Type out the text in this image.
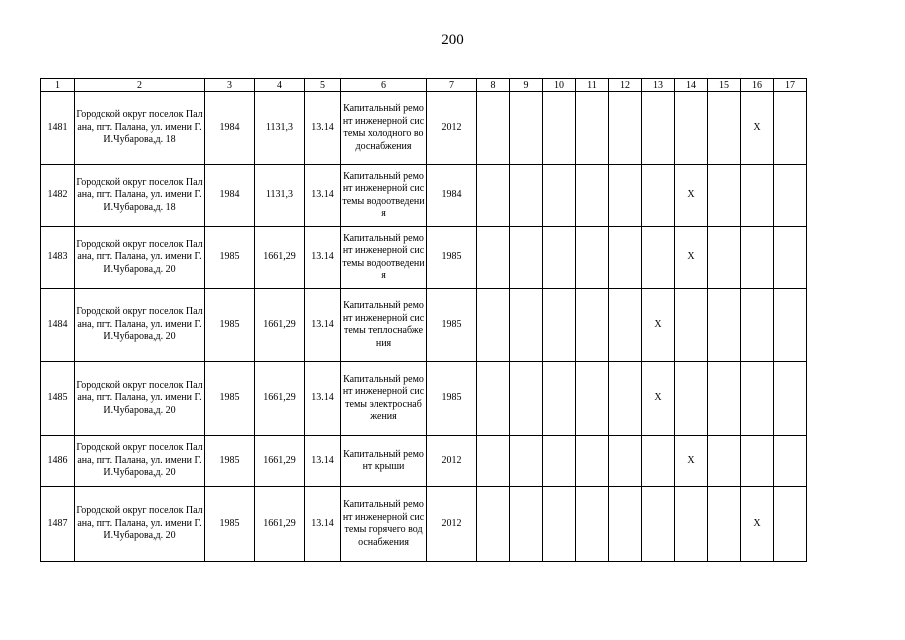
200
1	2	3	4	5	6	7	8	9	10	11	12	13	14	15	16	17
1481	Городской округ поселок Палана, пгт. Палана, ул. имени Г.И.Чубарова,д. 18	1984	1131,3	13.14	Капитальный ремонт инженерной системы холодного водоснабжения	2012									X	
1482	Городской округ поселок Палана, пгт. Палана, ул. имени Г.И.Чубарова,д. 18	1984	1131,3	13.14	Капитальный ремонт инженерной системы водоотведения	1984							X			
1483	Городской округ поселок Палана, пгт. Палана, ул. имени Г.И.Чубарова,д. 20	1985	1661,29	13.14	Капитальный ремонт инженерной системы водоотведения	1985							X			
1484	Городской округ поселок Палана, пгт. Палана, ул. имени Г.И.Чубарова,д. 20	1985	1661,29	13.14	Капитальный ремонт инженерной системы теплоснабжения	1985						X				
1485	Городской округ поселок Палана, пгт. Палана, ул. имени Г.И.Чубарова,д. 20	1985	1661,29	13.14	Капитальный ремонт инженерной системы электроснабжения	1985						X				
1486	Городской округ поселок Палана, пгт. Палана, ул. имени Г.И.Чубарова,д. 20	1985	1661,29	13.14	Капитальный ремонт крыши	2012							X			
1487	Городской округ поселок Палана, пгт. Палана, ул. имени Г.И.Чубарова,д. 20	1985	1661,29	13.14	Капитальный ремонт инженерной системы горячего водоснабжения	2012									X	
